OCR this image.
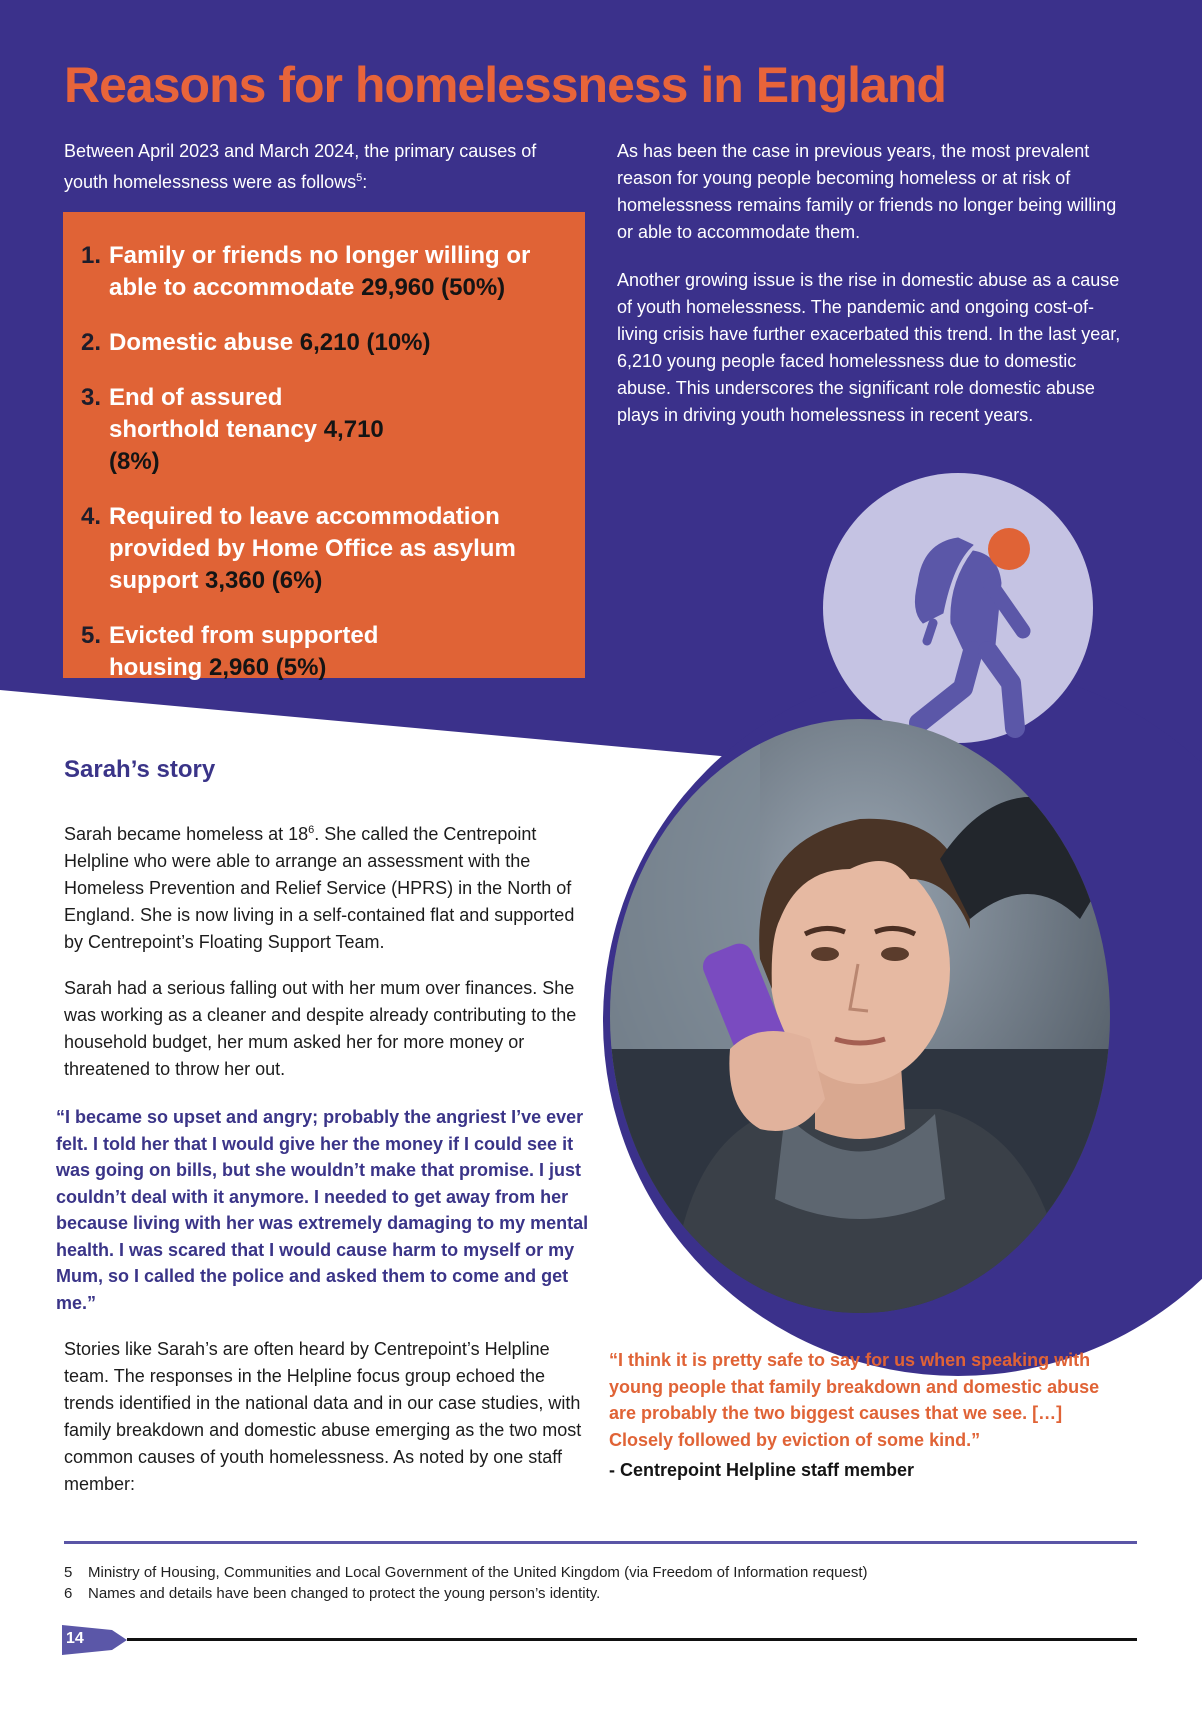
Reasons for homelessness in England

Between April 2023 and March 2024, the primary causes of youth homelessness were as follows$^5$:

1. Family or friends no longer willing or able to accommodate 29,960 (50%)
2. Domestic abuse 6,210 (10%)
3. End of assured shorthold tenancy 4,710 (8%)
4. Required to leave accommodation provided by Home Office as asylum support 3,360 (6%)
5. Evicted from supported housing 2,960 (5%)

As has been the case in previous years, the most prevalent reason for young people becoming homeless or at risk of homelessness remains family or friends no longer being willing or able to accommodate them.

Another growing issue is the rise in domestic abuse as a cause of youth homelessness. The pandemic and ongoing cost-of-living crisis have further exacerbated this trend. In the last year, 6,210 young people faced homelessness due to domestic abuse. This underscores the significant role domestic abuse plays in driving youth homelessness in recent years.

Sarah’s story

Sarah became homeless at $18^6$. She called the Centrepoint Helpline who were able to arrange an assessment with the Homeless Prevention and Relief Service (HPRS) in the North of England. She is now living in a self-contained flat and supported by Centrepoint’s Floating Support Team.

Sarah had a serious falling out with her mum over finances. She was working as a cleaner and despite already contributing to the household budget, her mum asked her for more money or threatened to throw her out.

“I became so upset and angry; probably the angriest I’ve ever felt. I told her that I would give her the money if I could see it was going on bills, but she wouldn’t make that promise. I just couldn’t deal with it anymore. I needed to get away from her because living with her was extremely damaging to my mental health. I was scared that I would cause harm to myself or my Mum, so I called the police and asked them to come and get me.”

Stories like Sarah’s are often heard by Centrepoint’s Helpline team. The responses in the Helpline focus group echoed the trends identified in the national data and in our case studies, with family breakdown and domestic abuse emerging as the two most common causes of youth homelessness. As noted by one staff member:

“I think it is pretty safe to say for us when speaking with young people that family breakdown and domestic abuse are probably the two biggest causes that we see. […] Closely followed by eviction of some kind.”

- Centrepoint Helpline staff member

5 Ministry of Housing, Communities and Local Government of the United Kingdom (via Freedom of Information request)
6 Names and details have been changed to protect the young person’s identity.
14
